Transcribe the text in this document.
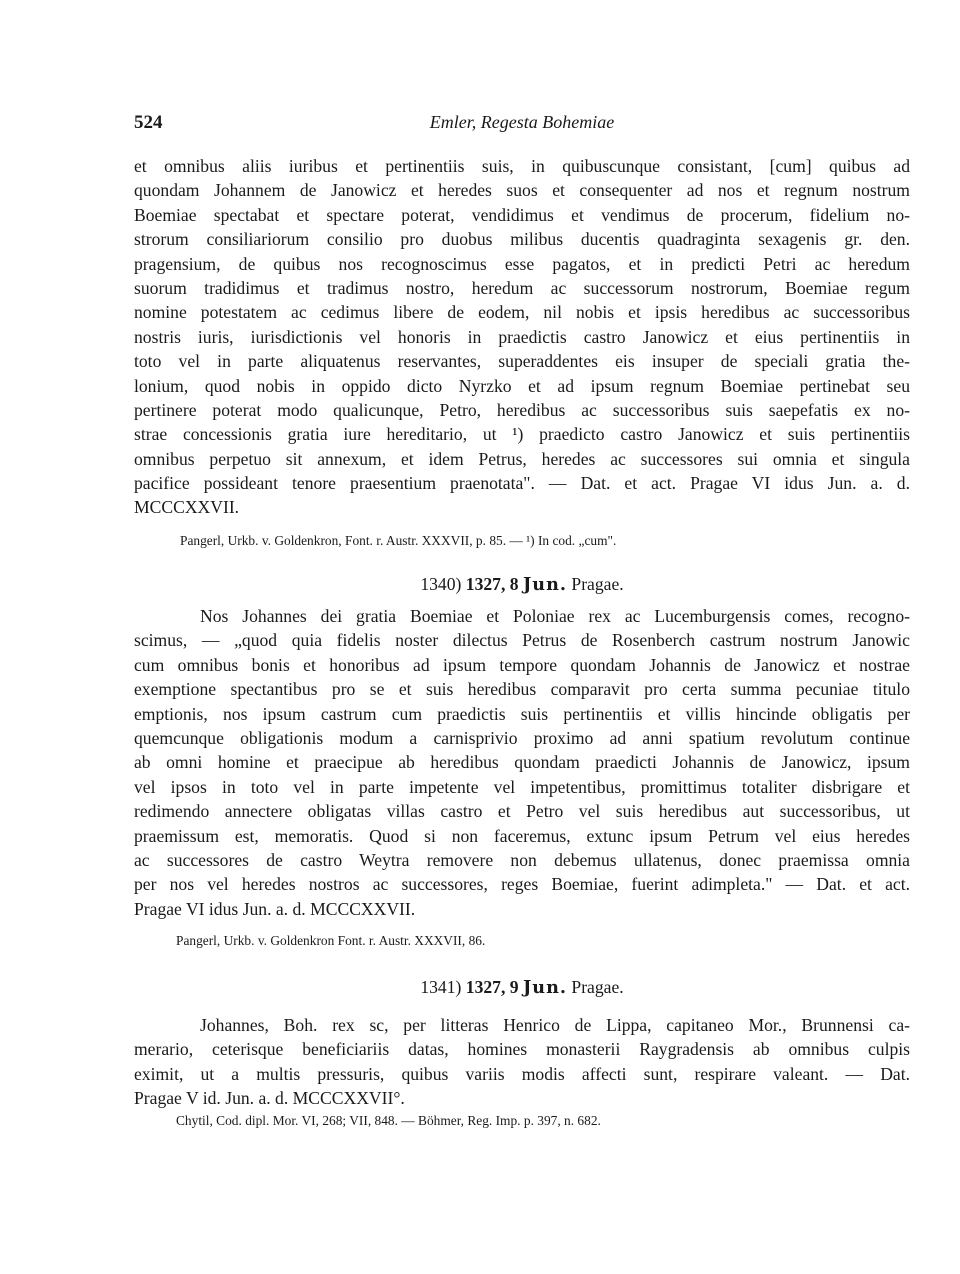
524	Emler, Regesta Bohemiae
et omnibus aliis iuribus et pertinentiis suis, in quibuscunque consistant, [cum] quibus ad
quondam Johannem de Janowicz et heredes suos et consequenter ad nos et regnum nostrum
Boemiae spectabat et spectare poterat, vendidimus et vendimus de procerum, fidelium no-
strorum consiliariorum consilio pro duobus milibus ducentis quadraginta sexagenis gr. den.
pragensium, de quibus nos recognoscimus esse pagatos, et in predicti Petri ac heredum
suorum tradidimus et tradimus nostro, heredum ac successorum nostrorum, Boemiae regum
nomine potestatem ac cedimus libere de eodem, nil nobis et ipsis heredibus ac successoribus
nostris iuris, iurisdictionis vel honoris in praedictis castro Janowicz et eius pertinentiis in
toto vel in parte aliquatenus reservantes, superaddentes eis insuper de speciali gratia the-
lonium, quod nobis in oppido dicto Nyrzko et ad ipsum regnum Boemiae pertinebat seu
pertinere poterat modo qualicunque, Petro, heredibus ac successoribus suis saepefatis ex no-
strae concessionis gratia iure hereditario, ut ¹) praedicto castro Janowicz et suis pertinentiis
omnibus perpetuo sit annexum, et idem Petrus, heredes ac successores sui omnia et singula
pacifice possideant tenore praesentium praenotata". — Dat. et act. Pragae VI idus Jun. a. d.
MCCCXXVII.

Pangerl, Urkb. v. Goldenkron, Font. r. Austr. XXXVII, p. 85. — ¹) In cod. „cum".

1340) 1327, 8 Jun. Pragae.

Nos Johannes dei gratia Boemiae et Poloniae rex ac Lucemburgensis comes, recogno-
scimus, — „quod quia fidelis noster dilectus Petrus de Rosenberch castrum nostrum Janowic
cum omnibus bonis et honoribus ad ipsum tempore quondam Johannis de Janowicz et nostrae
exemptione spectantibus pro se et suis heredibus comparavit pro certa summa pecuniae titulo
emptionis, nos ipsum castrum cum praedictis suis pertinentiis et villis hincinde obligatis per
quemcunque obligationis modum a carnisprivio proximo ad anni spatium revolutum continue
ab omni homine et praecipue ab heredibus quondam praedicti Johannis de Janowicz, ipsum
vel ipsos in toto vel in parte impetente vel impetentibus, promittimus totaliter disbrigare et
redimendo annectere obligatas villas castro et Petro vel suis heredibus aut successoribus, ut
praemissum est, memoratis. Quod si non faceremus, extunc ipsum Petrum vel eius heredes
ac successores de castro Weytra removere non debemus ullatenus, donec praemissa omnia
per nos vel heredes nostros ac successores, reges Boemiae, fuerint adimpleta." — Dat. et act.
Pragae VI idus Jun. a. d. MCCCXXVII.

Pangerl, Urkb. v. Goldenkron Font. r. Austr. XXXVII, 86.

1341) 1327, 9 Jun. Pragae.

Johannes, Boh. rex sc, per litteras Henrico de Lippa, capitaneo Mor., Brunnensi ca-
merario, ceterisque beneficiariis datas, homines monasterii Raygradensis ab omnibus culpis
eximit, ut a multis pressuris, quibus variis modis affecti sunt, respirare valeant. — Dat.
Pragae V id. Jun. a. d. MCCCXXVII°.

Chytil, Cod. dipl. Mor. VI, 268; VII, 848. — Böhmer, Reg. Imp. p. 397, n. 682.
